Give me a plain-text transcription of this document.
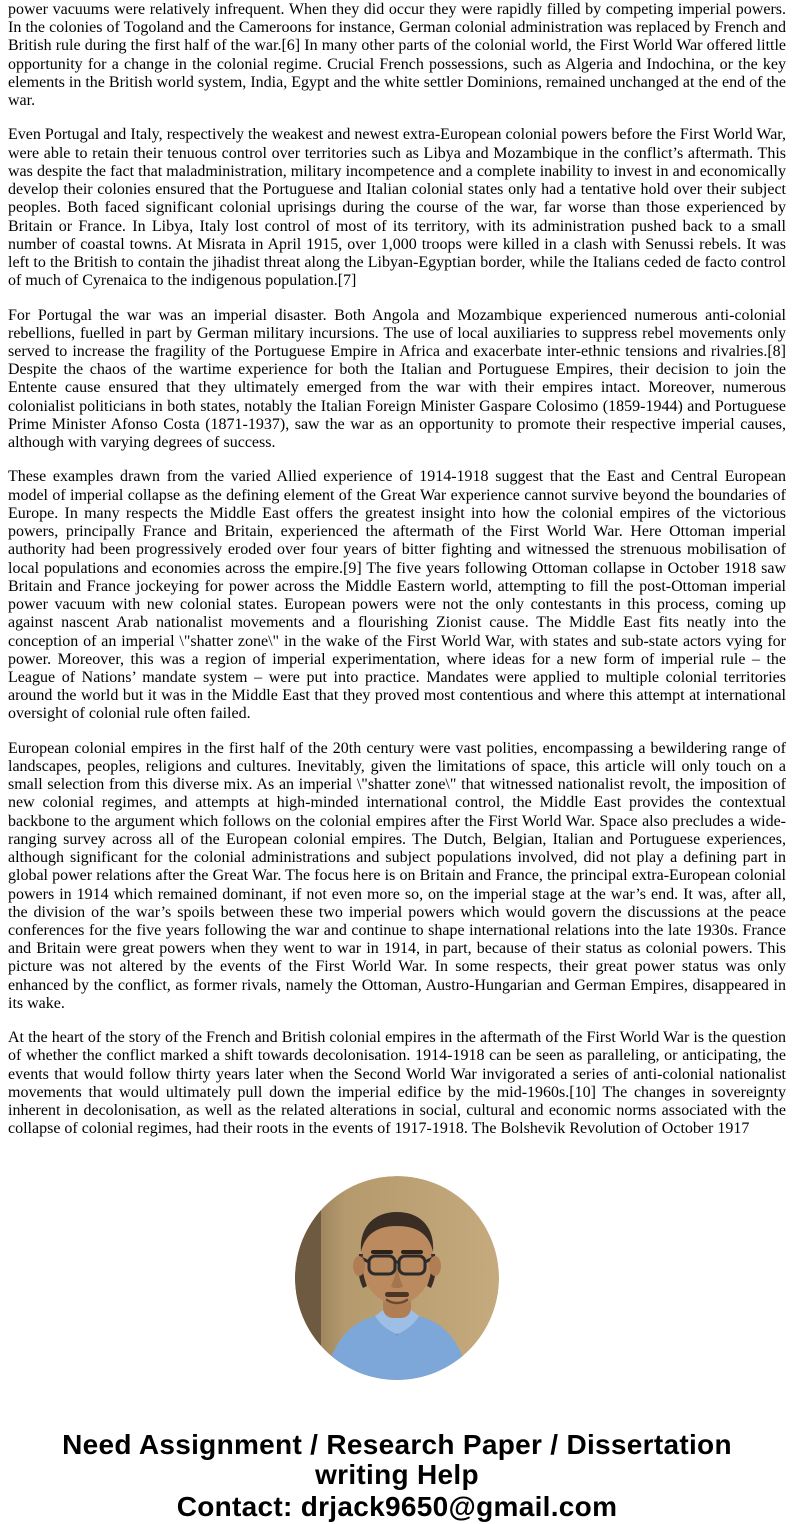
power vacuums were relatively infrequent. When they did occur they were rapidly filled by competing imperial powers. In the colonies of Togoland and the Cameroons for instance, German colonial administration was replaced by French and British rule during the first half of the war.[6] In many other parts of the colonial world, the First World War offered little opportunity for a change in the colonial regime. Crucial French possessions, such as Algeria and Indochina, or the key elements in the British world system, India, Egypt and the white settler Dominions, remained unchanged at the end of the war.

Even Portugal and Italy, respectively the weakest and newest extra-European colonial powers before the First World War, were able to retain their tenuous control over territories such as Libya and Mozambique in the conflict’s aftermath. This was despite the fact that maladministration, military incompetence and a complete inability to invest in and economically develop their colonies ensured that the Portuguese and Italian colonial states only had a tentative hold over their subject peoples. Both faced significant colonial uprisings during the course of the war, far worse than those experienced by Britain or France. In Libya, Italy lost control of most of its territory, with its administration pushed back to a small number of coastal towns. At Misrata in April 1915, over 1,000 troops were killed in a clash with Senussi rebels. It was left to the British to contain the jihadist threat along the Libyan-Egyptian border, while the Italians ceded de facto control of much of Cyrenaica to the indigenous population.[7]

For Portugal the war was an imperial disaster. Both Angola and Mozambique experienced numerous anti-colonial rebellions, fuelled in part by German military incursions. The use of local auxiliaries to suppress rebel movements only served to increase the fragility of the Portuguese Empire in Africa and exacerbate inter-ethnic tensions and rivalries.[8] Despite the chaos of the wartime experience for both the Italian and Portuguese Empires, their decision to join the Entente cause ensured that they ultimately emerged from the war with their empires intact. Moreover, numerous colonialist politicians in both states, notably the Italian Foreign Minister Gaspare Colosimo (1859-1944) and Portuguese Prime Minister Afonso Costa (1871-1937), saw the war as an opportunity to promote their respective imperial causes, although with varying degrees of success.

These examples drawn from the varied Allied experience of 1914-1918 suggest that the East and Central European model of imperial collapse as the defining element of the Great War experience cannot survive beyond the boundaries of Europe. In many respects the Middle East offers the greatest insight into how the colonial empires of the victorious powers, principally France and Britain, experienced the aftermath of the First World War. Here Ottoman imperial authority had been progressively eroded over four years of bitter fighting and witnessed the strenuous mobilisation of local populations and economies across the empire.[9] The five years following Ottoman collapse in October 1918 saw Britain and France jockeying for power across the Middle Eastern world, attempting to fill the post-Ottoman imperial power vacuum with new colonial states. European powers were not the only contestants in this process, coming up against nascent Arab nationalist movements and a flourishing Zionist cause. The Middle East fits neatly into the conception of an imperial \"shatter zone\" in the wake of the First World War, with states and sub-state actors vying for power. Moreover, this was a region of imperial experimentation, where ideas for a new form of imperial rule – the League of Nations’ mandate system – were put into practice. Mandates were applied to multiple colonial territories around the world but it was in the Middle East that they proved most contentious and where this attempt at international oversight of colonial rule often failed.

European colonial empires in the first half of the 20th century were vast polities, encompassing a bewildering range of landscapes, peoples, religions and cultures. Inevitably, given the limitations of space, this article will only touch on a small selection from this diverse mix. As an imperial \"shatter zone\" that witnessed nationalist revolt, the imposition of new colonial regimes, and attempts at high-minded international control, the Middle East provides the contextual backbone to the argument which follows on the colonial empires after the First World War. Space also precludes a wide-ranging survey across all of the European colonial empires. The Dutch, Belgian, Italian and Portuguese experiences, although significant for the colonial administrations and subject populations involved, did not play a defining part in global power relations after the Great War. The focus here is on Britain and France, the principal extra-European colonial powers in 1914 which remained dominant, if not even more so, on the imperial stage at the war’s end. It was, after all, the division of the war’s spoils between these two imperial powers which would govern the discussions at the peace conferences for the five years following the war and continue to shape international relations into the late 1930s. France and Britain were great powers when they went to war in 1914, in part, because of their status as colonial powers. This picture was not altered by the events of the First World War. In some respects, their great power status was only enhanced by the conflict, as former rivals, namely the Ottoman, Austro-Hungarian and German Empires, disappeared in its wake.

At the heart of the story of the French and British colonial empires in the aftermath of the First World War is the question of whether the conflict marked a shift towards decolonisation. 1914-1918 can be seen as paralleling, or anticipating, the events that would follow thirty years later when the Second World War invigorated a series of anti-colonial nationalist movements that would ultimately pull down the imperial edifice by the mid-1960s.[10] The changes in sovereignty inherent in decolonisation, as well as the related alterations in social, cultural and economic norms associated with the collapse of colonial regimes, had their roots in the events of 1917-1918. The Bolshevik Revolution of October 1917

Need Assignment / Research Paper / Dissertation writing Help
Contact: drjack9650@gmail.com
